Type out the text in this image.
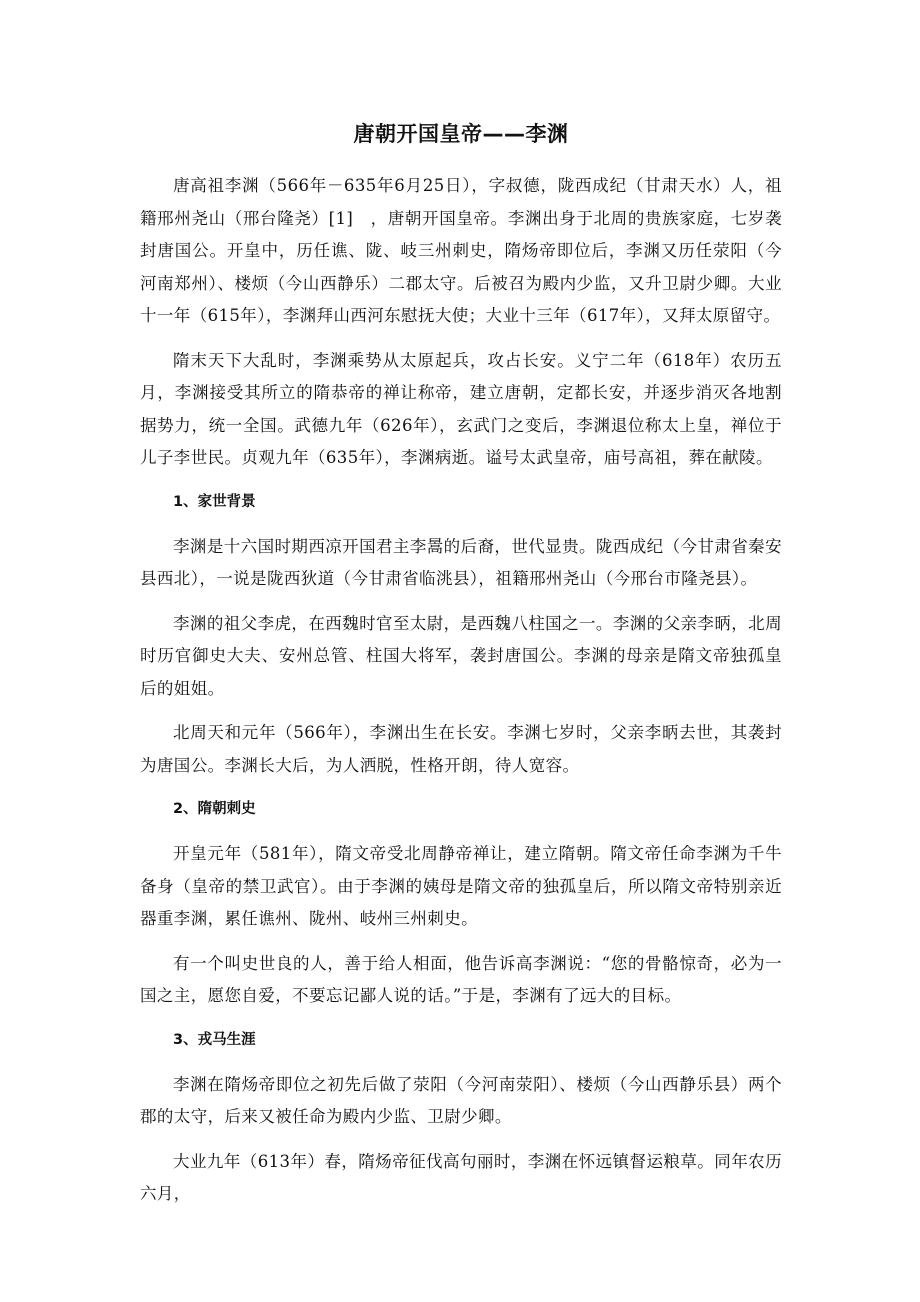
唐朝开国皇帝——李渊

唐高祖李渊（566年－635年6月25日），字叔德，陇西成纪（甘肃天水）人，祖籍邢州尧山（邢台隆尧）[1]　，唐朝开国皇帝。李渊出身于北周的贵族家庭，七岁袭封唐国公。开皇中，历任谯、陇、岐三州刺史，隋炀帝即位后，李渊又历任荥阳（今河南郑州）、楼烦（今山西静乐）二郡太守。后被召为殿内少监，又升卫尉少卿。大业十一年（615年），李渊拜山西河东慰抚大使；大业十三年（617年），又拜太原留守。

隋末天下大乱时，李渊乘势从太原起兵，攻占长安。义宁二年（618年）农历五月，李渊接受其所立的隋恭帝的禅让称帝，建立唐朝，定都长安，并逐步消灭各地割据势力，统一全国。武德九年（626年），玄武门之变后，李渊退位称太上皇，禅位于儿子李世民。贞观九年（635年），李渊病逝。谥号太武皇帝，庙号高祖，葬在献陵。

1、家世背景

李渊是十六国时期西凉开国君主李暠的后裔，世代显贵。陇西成纪（今甘肃省秦安县西北），一说是陇西狄道（今甘肃省临洮县），祖籍邢州尧山（今邢台市隆尧县）。

李渊的祖父李虎，在西魏时官至太尉，是西魏八柱国之一。李渊的父亲李昞，北周时历官御史大夫、安州总管、柱国大将军，袭封唐国公。李渊的母亲是隋文帝独孤皇后的姐姐。

北周天和元年（566年），李渊出生在长安。李渊七岁时，父亲李昞去世，其袭封为唐国公。李渊长大后，为人洒脱，性格开朗，待人宽容。

2、隋朝刺史

开皇元年（581年），隋文帝受北周静帝禅让，建立隋朝。隋文帝任命李渊为千牛备身（皇帝的禁卫武官）。由于李渊的姨母是隋文帝的独孤皇后，所以隋文帝特别亲近器重李渊，累任谯州、陇州、岐州三州刺史。

有一个叫史世良的人，善于给人相面，他告诉高李渊说：“您的骨骼惊奇，必为一国之主，愿您自爱，不要忘记鄙人说的话。”于是，李渊有了远大的目标。

3、戎马生涯

李渊在隋炀帝即位之初先后做了荥阳（今河南荥阳）、楼烦（今山西静乐县）两个郡的太守，后来又被任命为殿内少监、卫尉少卿。

大业九年（613年）春，隋炀帝征伐高句丽时，李渊在怀远镇督运粮草。同年农历六月，
